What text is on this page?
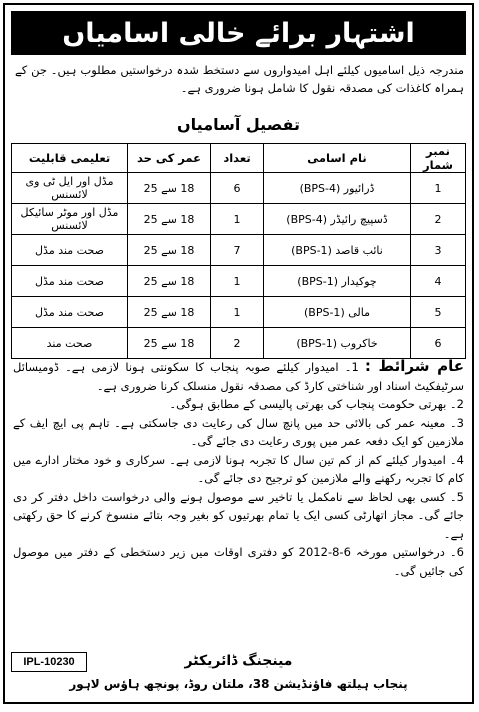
اشتہار برائے خالی اسامیاں
مندرجہ ذیل اسامیوں کیلئے اہل امیدواروں سے دستخط شدہ درخواستیں مطلوب ہیں۔ جن کے ہمراہ کاغذات کی مصدقہ نقول کا شامل ہونا ضروری ہے۔
تفصیل آسامیاں
نمبر شمار	نام اسامی	تعداد	عمر کی حد	تعلیمی قابلیت
1	ڈرائیور (BPS-4)	6	18 سے 25	مڈل اور ایل ٹی وی لائسنس
2	ڈسپیچ رائیڈر (BPS-4)	1	18 سے 25	مڈل اور موٹر سائیکل لائسنس
3	نائب قاصد (BPS-1)	7	18 سے 25	صحت مند مڈل
4	چوکیدار (BPS-1)	1	18 سے 25	صحت مند مڈل
5	مالی (BPS-1)	1	18 سے 25	صحت مند مڈل
6	خاکروب (BPS-1)	2	18 سے 25	صحت مند

عام شرائط : 1۔ امیدوار کیلئے صوبہ پنجاب کا سکونتی ہونا لازمی ہے۔ ڈومیسائل سرٹیفکیٹ اسناد اور شناختی کارڈ کی مصدقہ نقول منسلک کرنا ضروری ہے۔

2۔ بھرتی حکومت پنجاب کی بھرتی پالیسی کے مطابق ہوگی۔

3۔ معینہ عمر کی بالائی حد میں پانچ سال کی رعایت دی جاسکتی ہے۔ تاہم پی ایچ ایف کے ملازمین کو ایک دفعہ عمر میں پوری رعایت دی جائے گی۔

4۔ امیدوار کیلئے کم از کم تین سال کا تجربہ ہونا لازمی ہے۔ سرکاری و خود مختار ادارے میں کام کا تجربہ رکھنے والے ملازمین کو ترجیح دی جائے گی۔

5۔ کسی بھی لحاظ سے نامکمل یا تاخیر سے موصول ہونے والی درخواست داخل دفتر کر دی جائے گی۔ مجاز اتھارٹی کسی ایک یا تمام بھرتیوں کو بغیر وجہ بتائے منسوخ کرنے کا حق رکھتی ہے۔

6۔ درخواستیں مورخہ 6-8-2012 کو دفتری اوقات میں زیر دستخطی کے دفتر میں موصول کی جائیں گی۔

IPL-10230	مینجنگ ڈائریکٹر
پنجاب ہیلتھ فاؤنڈیشن 38، ملتان روڈ، پونچھ ہاؤس لاہور
